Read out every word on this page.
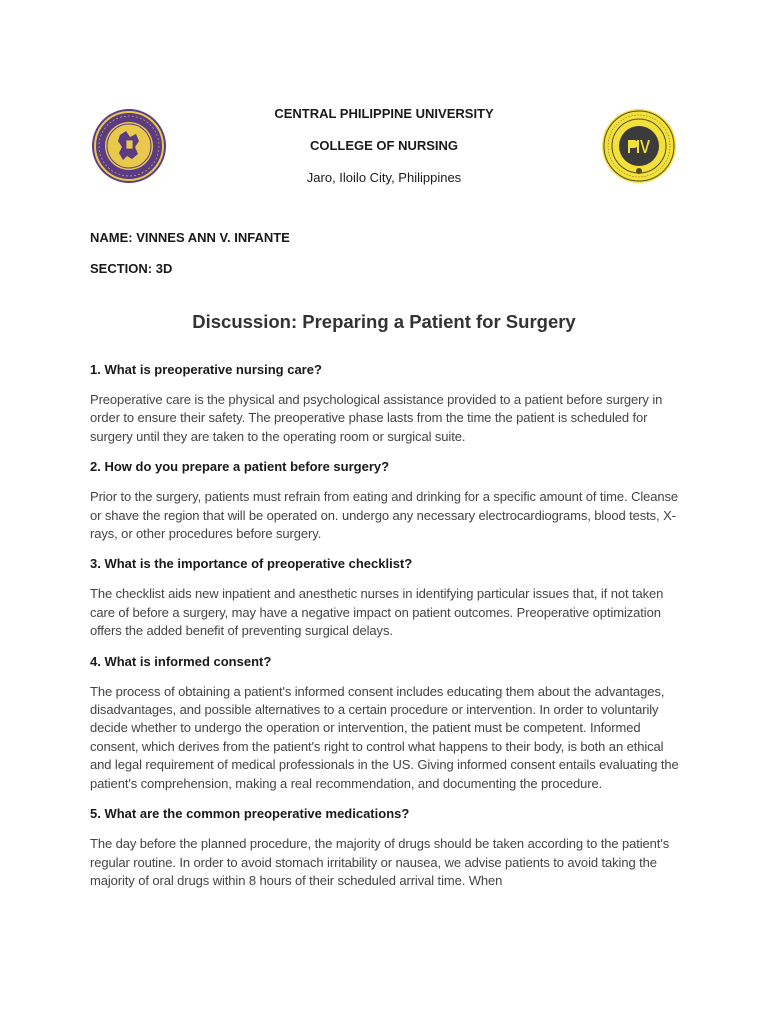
CENTRAL PHILIPPINE UNIVERSITY

COLLEGE OF NURSING

Jaro, Iloilo City, Philippines

NAME: VINNES ANN V. INFANTE
SECTION: 3D
Discussion: Preparing a Patient for Surgery

1. What is preoperative nursing care?

Preoperative care is the physical and psychological assistance provided to a patient before surgery in order to ensure their safety. The preoperative phase lasts from the time the patient is scheduled for surgery until they are taken to the operating room or surgical suite.

2. How do you prepare a patient before surgery?

Prior to the surgery, patients must refrain from eating and drinking for a specific amount of time. Cleanse or shave the region that will be operated on. undergo any necessary electrocardiograms, blood tests, X-rays, or other procedures before surgery.

3. What is the importance of preoperative checklist?

The checklist aids new inpatient and anesthetic nurses in identifying particular issues that, if not taken care of before a surgery, may have a negative impact on patient outcomes. Preoperative optimization offers the added benefit of preventing surgical delays.

4. What is informed consent?

The process of obtaining a patient's informed consent includes educating them about the advantages, disadvantages, and possible alternatives to a certain procedure or intervention. In order to voluntarily decide whether to undergo the operation or intervention, the patient must be competent. Informed consent, which derives from the patient's right to control what happens to their body, is both an ethical and legal requirement of medical professionals in the US. Giving informed consent entails evaluating the patient's comprehension, making a real recommendation, and documenting the procedure.

5. What are the common preoperative medications?

The day before the planned procedure, the majority of drugs should be taken according to the patient's regular routine. In order to avoid stomach irritability or nausea, we advise patients to avoid taking the majority of oral drugs within 8 hours of their scheduled arrival time. When
